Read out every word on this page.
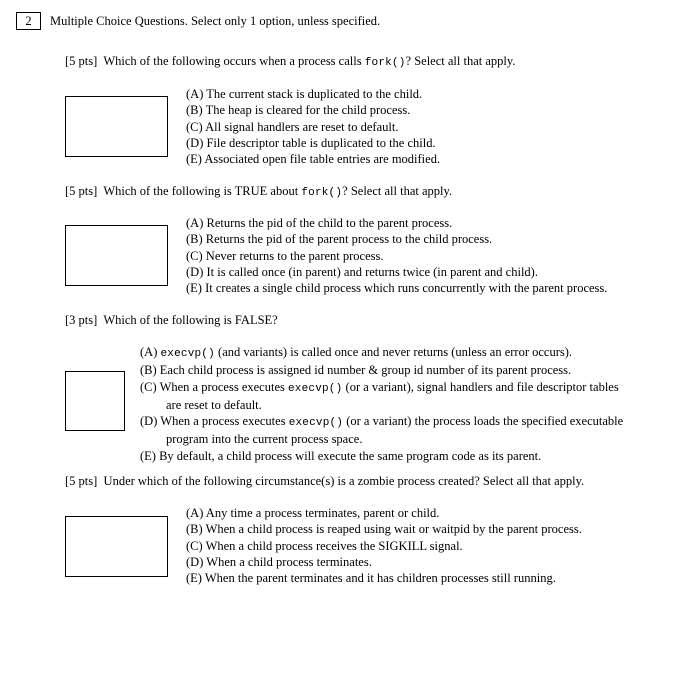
2	Multiple Choice Questions. Select only 1 option, unless specified.
[5 pts] Which of the following occurs when a process calls fork()? Select all that apply.
(A) The current stack is duplicated to the child.
(B) The heap is cleared for the child process.
(C) All signal handlers are reset to default.
(D) File descriptor table is duplicated to the child.
(E) Associated open file table entries are modified.
[5 pts] Which of the following is TRUE about fork()? Select all that apply.
(A) Returns the pid of the child to the parent process.
(B) Returns the pid of the parent process to the child process.
(C) Never returns to the parent process.
(D) It is called once (in parent) and returns twice (in parent and child).
(E) It creates a single child process which runs concurrently with the parent process.
[3 pts] Which of the following is FALSE?
(A) execvp() (and variants) is called once and never returns (unless an error occurs).
(B) Each child process is assigned id number & group id number of its parent process.
(C) When a process executes execvp() (or a variant), signal handlers and file descriptor tables
are reset to default.
(D) When a process executes execvp() (or a variant) the process loads the specified executable
program into the current process space.
(E) By default, a child process will execute the same program code as its parent.
[5 pts] Under which of the following circumstance(s) is a zombie process created? Select all that apply.
(A) Any time a process terminates, parent or child.
(B) When a child process is reaped using wait or waitpid by the parent process.
(C) When a child process receives the SIGKILL signal.
(D) When a child process terminates.
(E) When the parent terminates and it has children processes still running.
